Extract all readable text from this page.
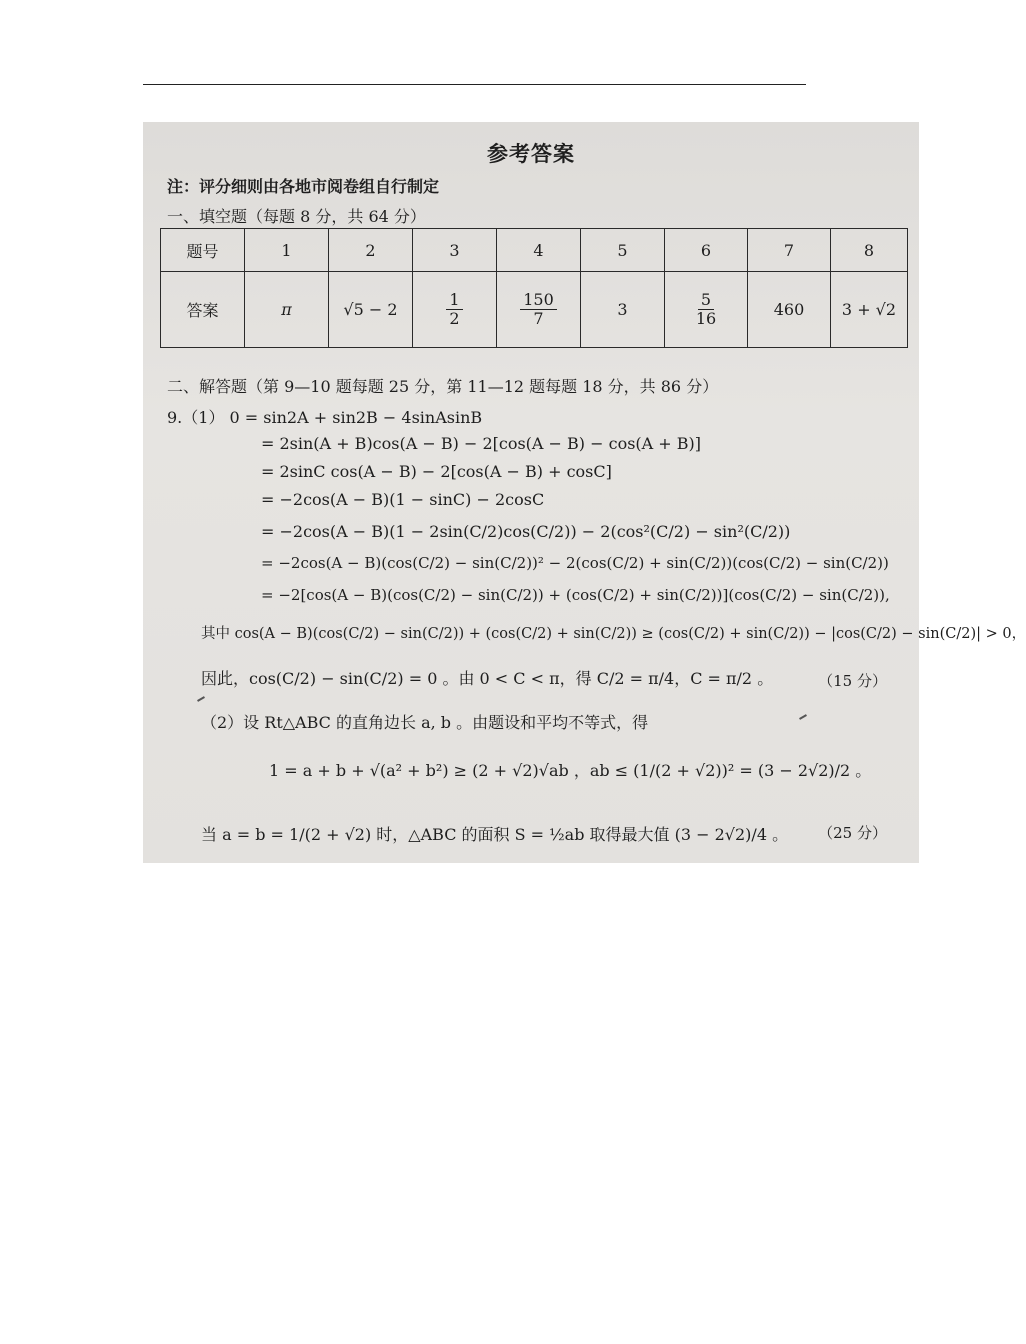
参考答案
注：评分细则由各地市阅卷组自行制定
一、填空题（每题 8 分，共 64 分）
题号	1	2	3	4	5	6	7	8
答案	π	√5 − 2	$\frac{1}{2}$	$\frac{150}{7}$	3	$\frac{5}{16}$	460	3 + √2
二、解答题（第 9—10 题每题 25 分，第 11—12 题每题 18 分，共 86 分）
9.（1） 0 = sin2A + sin2B − 4sinAsinB
= 2sin(A + B)cos(A − B) − 2[cos(A − B) − cos(A + B)]
= 2sinC cos(A − B) − 2[cos(A − B) + cosC]
= −2cos(A − B)(1 − sinC) − 2cosC
= −2cos(A − B)(1 − 2sin(C/2)cos(C/2)) − 2(cos²(C/2) − sin²(C/2))
= −2cos(A − B)(cos(C/2) − sin(C/2))² − 2(cos(C/2) + sin(C/2))(cos(C/2) − sin(C/2))
= −2[cos(A − B)(cos(C/2) − sin(C/2)) + (cos(C/2) + sin(C/2))](cos(C/2) − sin(C/2)),
其中 cos(A − B)(cos(C/2) − sin(C/2)) + (cos(C/2) + sin(C/2)) ≥ (cos(C/2) + sin(C/2)) − |cos(C/2) − sin(C/2)| > 0，
因此，cos(C/2) − sin(C/2) = 0 。由 0 < C < π，得 C/2 = π/4，C = π/2 。	（15 分）
（2）设 Rt△ABC 的直角边长 a, b 。由题设和平均不等式，得
1 = a + b + √(a² + b²) ≥ (2 + √2)√ab ，ab ≤ (1/(2 + √2))² = (3 − 2√2)/2 。
当 a = b = 1/(2 + √2) 时，△ABC 的面积 S = ½ab 取得最大值 (3 − 2√2)/4 。 （25 分）
